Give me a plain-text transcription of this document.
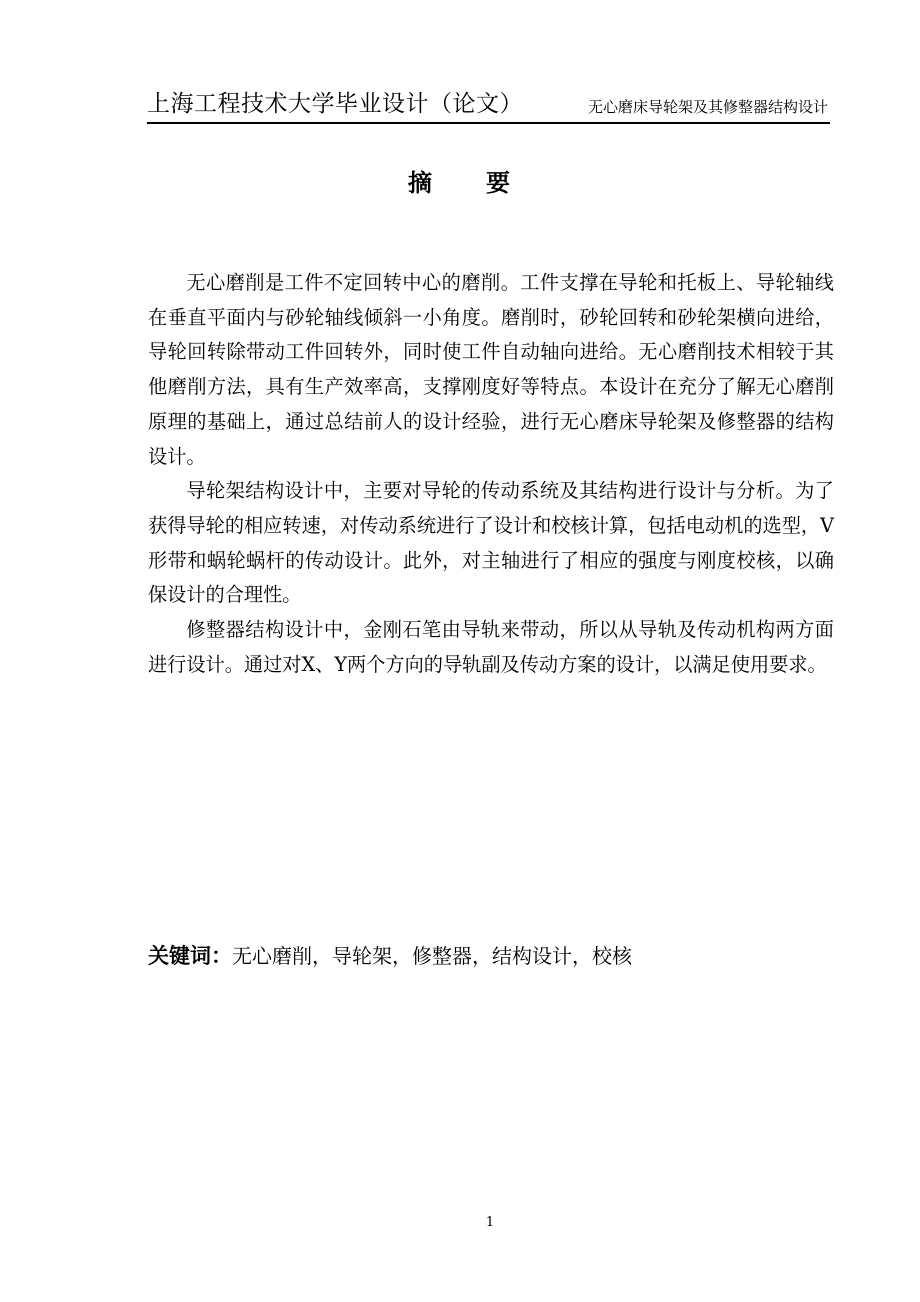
上海工程技术大学毕业设计（论文）	无心磨床导轮架及其修整器结构设计
摘　　要

无心磨削是工件不定回转中心的磨削。工件支撑在导轮和托板上、导轮轴线在垂直平面内与砂轮轴线倾斜一小角度。磨削时，砂轮回转和砂轮架横向进给，导轮回转除带动工件回转外，同时使工件自动轴向进给。无心磨削技术相较于其他磨削方法，具有生产效率高，支撑刚度好等特点。本设计在充分了解无心磨削原理的基础上，通过总结前人的设计经验，进行无心磨床导轮架及修整器的结构设计。

导轮架结构设计中，主要对导轮的传动系统及其结构进行设计与分析。为了获得导轮的相应转速，对传动系统进行了设计和校核计算，包括电动机的选型，V形带和蜗轮蜗杆的传动设计。此外，对主轴进行了相应的强度与刚度校核，以确保设计的合理性。

修整器结构设计中，金刚石笔由导轨来带动，所以从导轨及传动机构两方面进行设计。通过对X、Y两个方向的导轨副及传动方案的设计，以满足使用要求。

关键词：无心磨削，导轮架，修整器，结构设计，校核
1
